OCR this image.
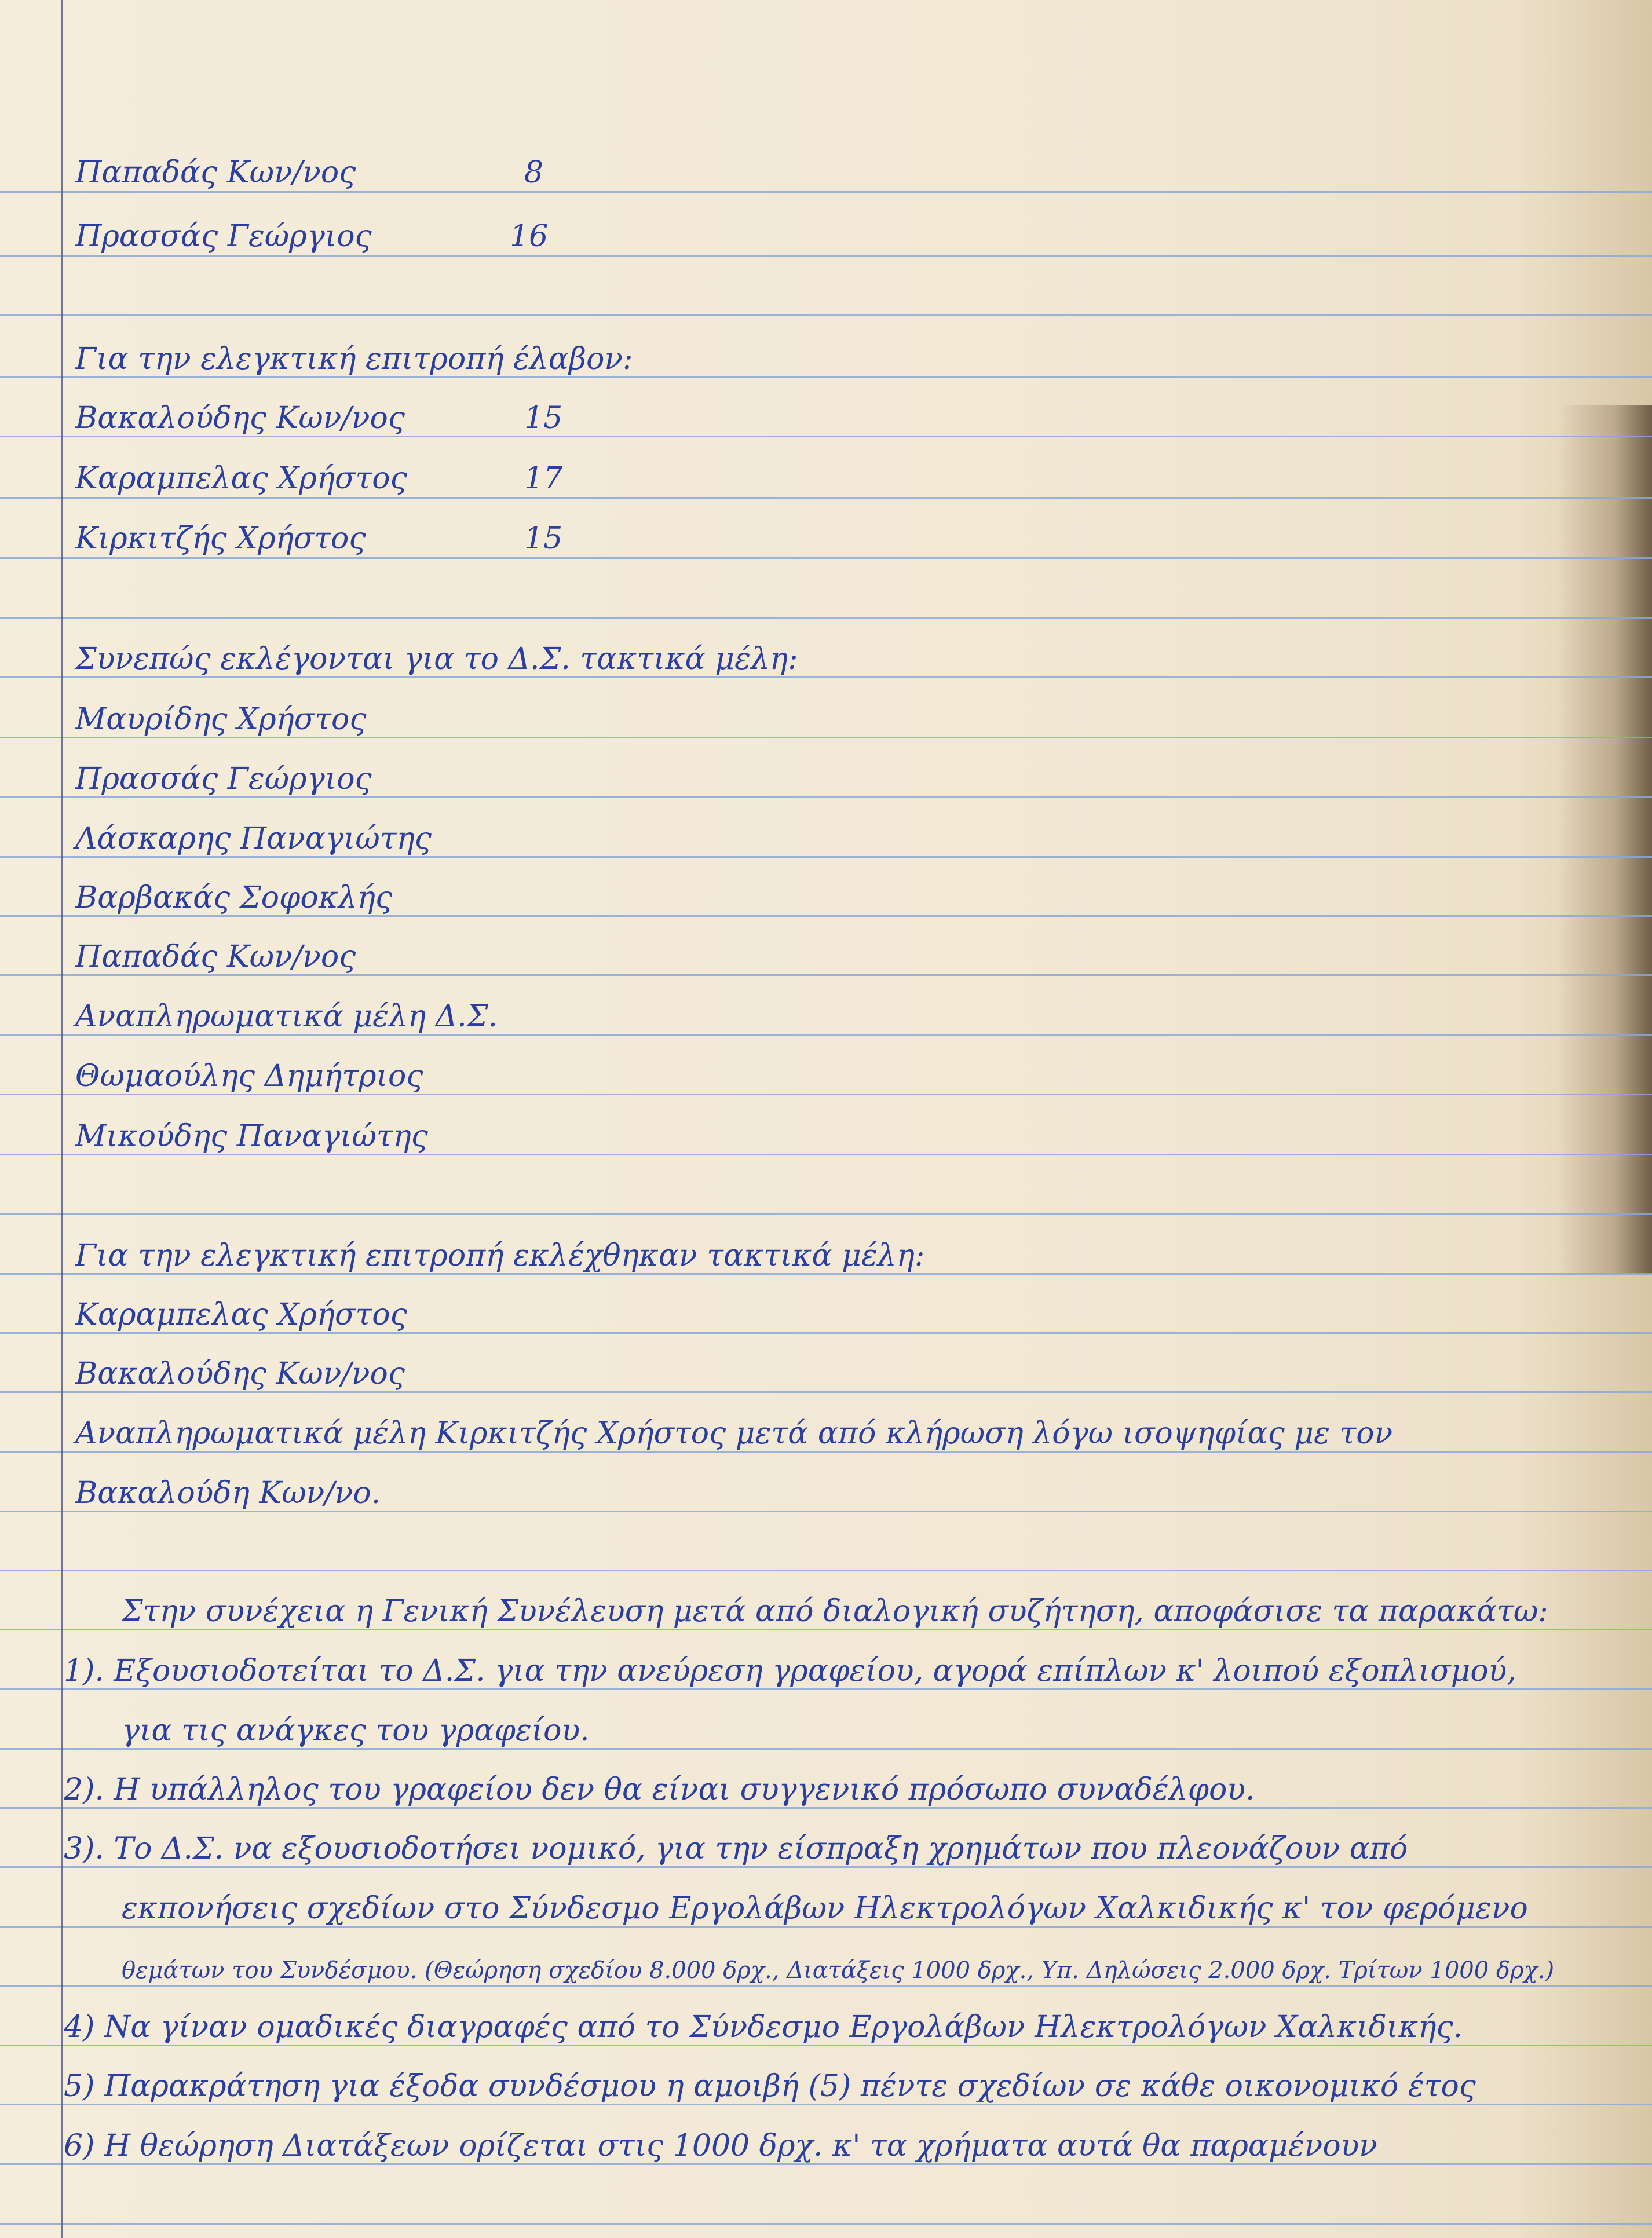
Παπαδάς Κων/νος	8
Πρασσάς Γεώργιος	16
Για την ελεγκτική επιτροπή έλαβον:
Βακαλούδης Κων/νος	15
Καραμπελας Χρήστος	17
Κιρκιτζής Χρήστος	15
Συνεπώς εκλέγονται για το Δ.Σ. τακτικά μέλη:
Μαυρίδης Χρήστος
Πρασσάς Γεώργιος
Λάσκαρης Παναγιώτης
Βαρβακάς Σοφοκλής
Παπαδάς Κων/νος
Αναπληρωματικά μέλη Δ.Σ.
Θωμαούλης Δημήτριος
Μικούδης Παναγιώτης
Για την ελεγκτική επιτροπή εκλέχθηκαν τακτικά μέλη:
Καραμπελας Χρήστος
Βακαλούδης Κων/νος
Αναπληρωματικά μέλη Κιρκιτζής Χρήστος μετά από κλήρωση λόγω ισοψηφίας με τον
Βακαλούδη Κων/νο.
Στην συνέχεια η Γενική Συνέλευση μετά από διαλογική συζήτηση, αποφάσισε τα παρακάτω:
1). Εξουσιοδοτείται το Δ.Σ. για την ανεύρεση γραφείου, αγορά επίπλων κ' λοιπού εξοπλισμού,
για τις ανάγκες του γραφείου.
2). Η υπάλληλος του γραφείου δεν θα είναι συγγενικό πρόσωπο συναδέλφου.
3). Το Δ.Σ. να εξουσιοδοτήσει νομικό, για την είσπραξη χρημάτων που πλεονάζουν από
εκπονήσεις σχεδίων στο Σύνδεσμο Εργολάβων Ηλεκτρολόγων Χαλκιδικής κ' τον φερόμενο
θεμάτων του Συνδέσμου. (Θεώρηση σχεδίου 8.000 δρχ., Διατάξεις 1000 δρχ., Υπ. Δηλώσεις 2.000 δρχ. Τρίτων 1000 δρχ.)
4) Να γίναν ομαδικές διαγραφές από το Σύνδεσμο Εργολάβων Ηλεκτρολόγων Χαλκιδικής.
5) Παρακράτηση για έξοδα συνδέσμου η αμοιβή (5) πέντε σχεδίων σε κάθε οικονομικό έτος
6) Η θεώρηση Διατάξεων ορίζεται στις 1000 δρχ. κ' τα χρήματα αυτά θα παραμένουν
